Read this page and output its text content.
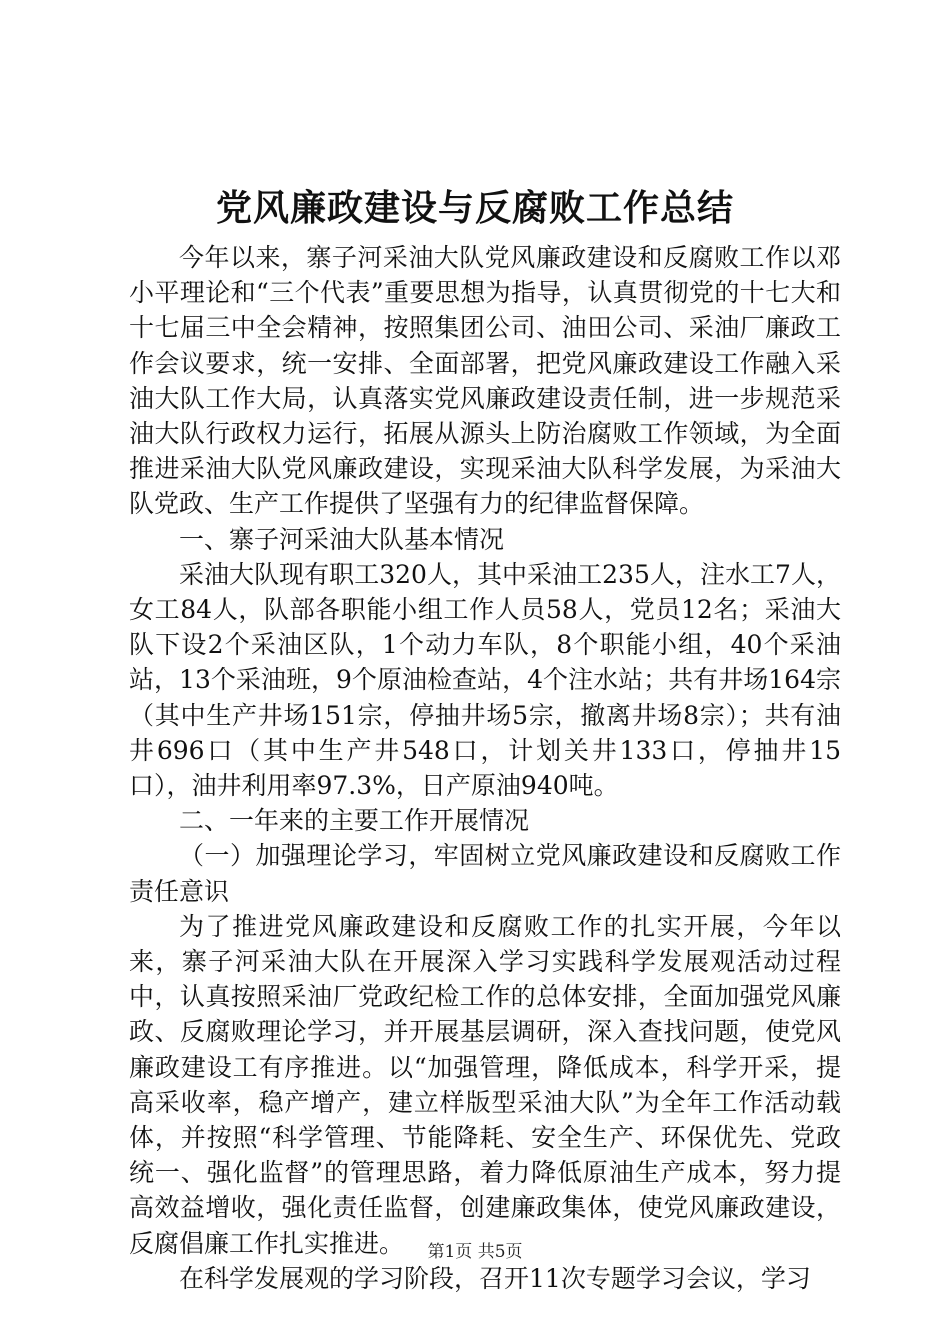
党风廉政建设与反腐败工作总结

今年以来，寨子河采油大队党风廉政建设和反腐败工作以邓小平理论和“三个代表”重要思想为指导，认真贯彻党的十七大和十七届三中全会精神，按照集团公司、油田公司、采油厂廉政工作会议要求，统一安排、全面部署，把党风廉政建设工作融入采油大队工作大局，认真落实党风廉政建设责任制，进一步规范采油大队行政权力运行，拓展从源头上防治腐败工作领域，为全面推进采油大队党风廉政建设，实现采油大队科学发展，为采油大队党政、生产工作提供了坚强有力的纪律监督保障。

一、寨子河采油大队基本情况

采油大队现有职工320人，其中采油工235人，注水工7人，女工84人，队部各职能小组工作人员58人，党员12名；采油大队下设2个采油区队，1个动力车队，8个职能小组，40个采油站，13个采油班，9个原油检查站，4个注水站；共有井场164宗（其中生产井场151宗，停抽井场5宗，撤离井场8宗）；共有油井696口（其中生产井548口，计划关井133口，停抽井15口），油井利用率97.3%，日产原油940吨。

二、一年来的主要工作开展情况

（一）加强理论学习，牢固树立党风廉政建设和反腐败工作责任意识

为了推进党风廉政建设和反腐败工作的扎实开展，今年以来，寨子河采油大队在开展深入学习实践科学发展观活动过程中，认真按照采油厂党政纪检工作的总体安排，全面加强党风廉政、反腐败理论学习，并开展基层调研，深入查找问题，使党风廉政建设工有序推进。以“加强管理，降低成本，科学开采，提高采收率，稳产增产，建立样版型采油大队”为全年工作活动载体，并按照“科学管理、节能降耗、安全生产、环保优先、党政统一、强化监督”的管理思路，着力降低原油生产成本，努力提高效益增收，强化责任监督，创建廉政集体，使党风廉政建设，反腐倡廉工作扎实推进。

在科学发展观的学习阶段，召开11次专题学习会议，学习

第1页 共5页
